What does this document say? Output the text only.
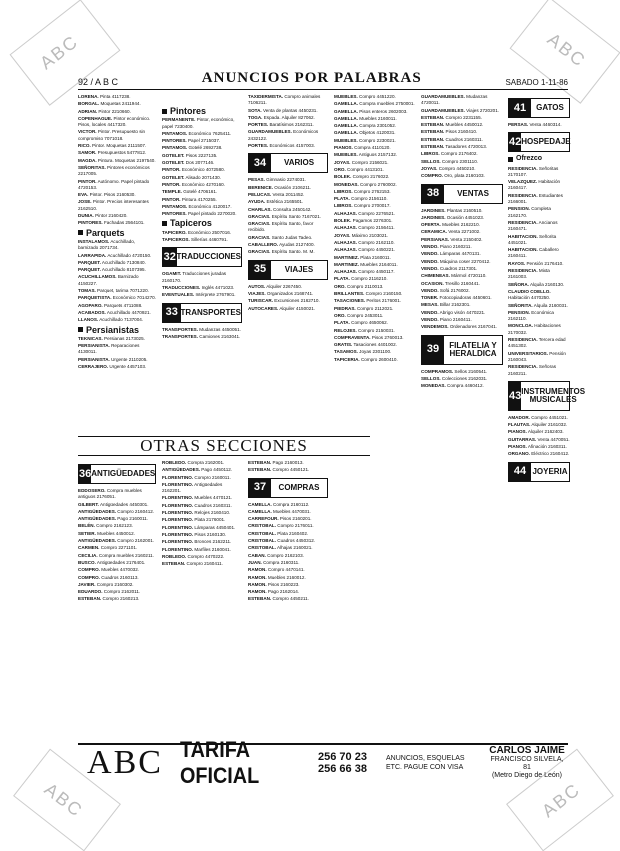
ABC	ABC
ABC	ABC
92 / A B C	ANUNCIOS POR PALABRAS	SABADO 1-11-86

LORENA. Pinta 4117238.

BORGAL. Moquetas 2411944.

ADRIAN. Pintor 2210660.

COPENHAGUE. Pintor económico. Pisos, locales 4417320.

VICTOR. Pintor. Presupuesto sin compromiso 7071018.

RICO. Pintor. Moquetas 2111507.

SAMOR. Presupuestos 5477812.

MAGDA. Pintura. Moquetas 2197540.

SEÑORITAS. Pintores económicos 2217005.

PINTOR. Autónomo. Papel pintado 4720153.

EVA. Pintor. Pisos 2160530.

JOSE. Pintor. Precios interesantes 2162510.

DUNIA. Pintor 2160420.

PINTORES. Fachadas 2564101.

Parquets

INSTALAMOS. Acuchillado, barnizado 2071734.

LARRAPIDA. Acuchillado 4720150.

PARQUET. Acuchillado 7130840.

PARQUET. Acuchillado 8107395.

ACUCHILLAMOS. Barnizado 4150227.

TOMAS. Parquet, tarima 7071220.

PARQUETISTA. Económico 7014270.

AGOPARO. Parquets 4711088.

ACABADOS. Acuchillado 4470921.

LLANOS. Acuchillado 7137004.

Persianistas

TEKNICAS. Persianas 2173025.

PERSIANISTA. Reparaciones 4130011.

PERSIANISTA. Urgente 2110205.

CERRAJERO. Urgente 4457103.

Pintores

PERMANENTE. Pintor, económico, papel 7230400.

PINTAMOS. Económico 7625411.

PINTORES. Papel 2715037.

PINTAMOS. Gotelé 2692738.

GOTELET. Pisos 2227135.

GOTELET. Dos 2077146.

PINTOR. Económico 4072580.

GOTELET. Alisado 2071430.

PINTOR. Económico 4270160.

TEMPLE. Gotelé 4706161.

PINTOR. Pintura 4170255.

PINTAMOS. Económico 4120017.

PINTORES. Papel pintado 2270020.

Tapiceros

TAPICERO. Económico 2507016.

TAPICEROS. Sillerías 4460791.

32 TRADUCCIONES

OGAMIT. Traducciones juradas 2160170.

TRADUCCIONES. Inglés 4471023.

EVENTUALES. Intérprete 2767901.

33 TRANSPORTES

TRANSPORTES. Mudanzas 4450051.

TRANSPORTES. Camiones 2163041.

TAXIDERMISTA. Compro animales 7106211.

SOTA. Venta de plantas 4450231.

TOGA. Espada. Alquiler 827062.

PORTES. Baratísimos 2162311.

GUARDAMUEBLES. Económicos 2432122.

PORTES. Económicos 4157003.

34	VARIOS

PESAS. Gimnasio 2274031.

BERENICE. Ocasión 2106211.

PELUCAS. Venta 2011452.

AYUDA. Estética 2165501.

CHARLAS. Consulta 2450142.

GRACIAS. Espíritu Santo 7167021.

GRACIAS. Espíritu Santo, favor recibido.

GRACIAS. Santo Judas Tadeo.

CABALLERO. Ayudas 2127400.

GRACIAS. Espíritu Santo. M. M.

35	VIAJES

AUTOS. Alquiler 2267450.

VIAJES. Organizados 2168741.

TURISCAR. Excursiones 2162710.

AUTOCARES. Alquiler 4150021.

MUEBLES. Compro 4451220.

GAMELLA. Compra muebles 2750001.

GAMELLA. Pisos enteros 2602003.

GAMELLA. Muebles 2160011.

GAMELLA. Compra 2301052.

GAMELLA. Objetos 4120031.

MUEBLES. Compro 2230021.

PIANOS. Compra 4110120.

MUEBLES. Antiguos 2157132.

JOYAS. Compro 2156021.

ORO. Compro 4413101.

BOLEK. Compro 2176022.

MONEDAS. Compro 2760002.

LIBROS. Compro 2762153.

PLATA. Compro 2156110.

LIBROS. Compro 2700017.

ALHAJAS. Compro 2276521.

BOLEK. Pagamos 2276301.

ALHAJAS. Compro 2156411.

JOYAS. Máximo 2103021.

ALHAJAS. Compro 2162110.

ALHAJAS. Compro 4450221.

MARTINEZ. Plata 2160011.

MARTINEZ. Muebles 2164011.

ALHAJAS. Compro 4450117.

PLATA. Compro 2116210.

ORO. Compro 2110013.

BRILLANTES. Compro 2160150.

TASACIONES. Peritos 2176001.

PIEDRAS. Compro 2112021.

ORO. Compro 2453011.

PLATA. Compro 4650062.

RELOJES. Compro 2150031.

COMPRAVENTA. Pisos 2760013.

GRATIS. Tasaciones 4401002.

TASAMOS. Joyas 2301100.

TAPICERIA. Compro 2600410.

GUARDAMUEBLES. Mudanzas 4720011.

GUARDAMUEBLES. Viajes 2720201.

ESTEBAN. Compro 2231155.

ESTEBAN. Muebles 4450012.

ESTEBAN. Pisos 2160410.

ESTEBAN. Cuadros 2160311.

ESTEBAN. Tasadores 4720013.

LIBROS. Compro 2176402.

SELLOS. Compro 2301110.

JOYAS. Compro 4450210.

COMPRO. Oro, plata 2160103.

38	VENTAS

JARDINES. Plantas 2160510.

JARDINES. Ocasión 4451023.

OFERTA. Muebles 2162210.

CERAMICA. Venta 2271002.

PERSIANAS. Venta 2150402.

VENDO. Piano 2160211.

VENDO. Lámparas 4470131.

VENDO. Máquina coser 2270412.

VENDO. Cuadros 2117301.

CHIMENEAS. Mármol 4720110.

OCASION. Tresillo 2160441.

VENDO. Sofá 2176002.

TONER. Fotocopiadoras 4450601.

MESAS. Billar 2162301.

VENDO. Abrigo visón 4470221.

VENDO. Piano 2160411.

VENDEMOS. Ordenadores 2167041.

39	FILATELIA Y HERALDICA

COMPRAMOS. Sellos 2160541.

SELLOS. Colecciones 2162031.

MONEDAS. Compra 4460412.

41	GATOS

PERSAS. Venta 4460314.

42 HOSPEDAJE
Ofrezco

RESIDENCIA. Señoritas 2170107.

VELAZQUEZ. Habitación 2160417.

RESIDENCIA. Estudiantes 2166001.

PENSION. Completa 2162170.

RESIDENCIA. Ancianos 2160471.

HABITACION. Señorita 4451021.

HABITACION. Caballero 2160411.

RAYOS. Pensión 2176410.

RESIDENCIA. Mixta 2161003.

SEÑORA. Alquila 2160130.

CLAUDIO COELLO. Habitación 4470250.

SEÑORITA. Alquila 2160031.

PENSION. Económica 2162110.

MONCLOA. Habitaciones 2170032.

RESIDENCIA. Tercera edad 4451302.

UNIVERSITARIOS. Pensión 2160043.

RESIDENCIA. Señoras 2160211.

43 INSTRUMENTOS MUSICALES

AMADOR. Compro 4451021.

FLAUTAS. Alquiler 2161032.

PIANOS. Alquiler 2162403.

GUITARRAS. Venta 4470051.

PIANOS. Afinación 2160311.

ORGANO. Eléctrico 2160412.

44 JOYERIA
OTRAS SECCIONES
36 ANTIGÜEDADES

EDDOSERO. Compra muebles antiguos 2176051.

GILBERT. Antigüedades 4450301.

ANTIGÜEDADES. Compro 2160412.

ANTIGÜEDADES. Pago 2160011.

BELÉN. Compro 2162123.

SETIER. Muebles 4450012.

ANTIGÜEDADES. Compro 2162001.

CARMEN. Compro 2271101.

CECILIA. Compra muebles 2160211.

BUSCO. Antigüedades 2176401.

COMPRO. Muebles 4470032.

COMPRO. Cuadros 2160113.

JAVIER. Compro 2160302.

EDUARDO. Compro 2162011.

ESTEBAN. Compro 2160213.

ROBLEDO. Compra 2162001.

ANTIGÜEDADES. Pago 4450112.

FLORENTINO. Compro 2160011.

FLORENTINO. Antigüedades 2162201.

FLORENTINO. Muebles 4470121.

FLORENTINO. Cuadros 2160311.

FLORENTINO. Relojes 2160410.

FLORENTINO. Plata 2176001.

FLORENTINO. Lámparas 4450401.

FLORENTINO. Pisos 2160130.

FLORENTINO. Bronces 2162211.

FLORENTINO. Marfiles 2160041.

ROBLEDO. Compro 4470222.

ESTEBAN. Compro 2160411.

ESTEBAN. Pago 2160013.

ESTEBAN. Compro 4450121.

37	COMPRAS

CAMELLA. Compra 2160112.

CAMELLA. Muebles 4470031.

CARREFOUR. Pisos 2160201.

CRISTOBAL. Compro 2176011.

CRISTOBAL. Plata 2160402.

CRISTOBAL. Cuadros 4450312.

CRISTOBAL. Alhajas 2160021.

CABAN. Compro 2162103.

JUAN. Compra 2160311.

RAMON. Compro 4470141.

RAMON. Muebles 2160012.

RAMON. Pisos 2160223.

RAMON. Pago 2162014.

ESTEBAN. Compro 4450211.

ABC TARIFA OFICIAL
256 70 23
256 66 38
ANUNCIOS, ESQUELAS ETC. PAGUE CON VISA
CARLOS JAIME
FRANCISCO SILVELA, 81
(Metro Diego de León)
